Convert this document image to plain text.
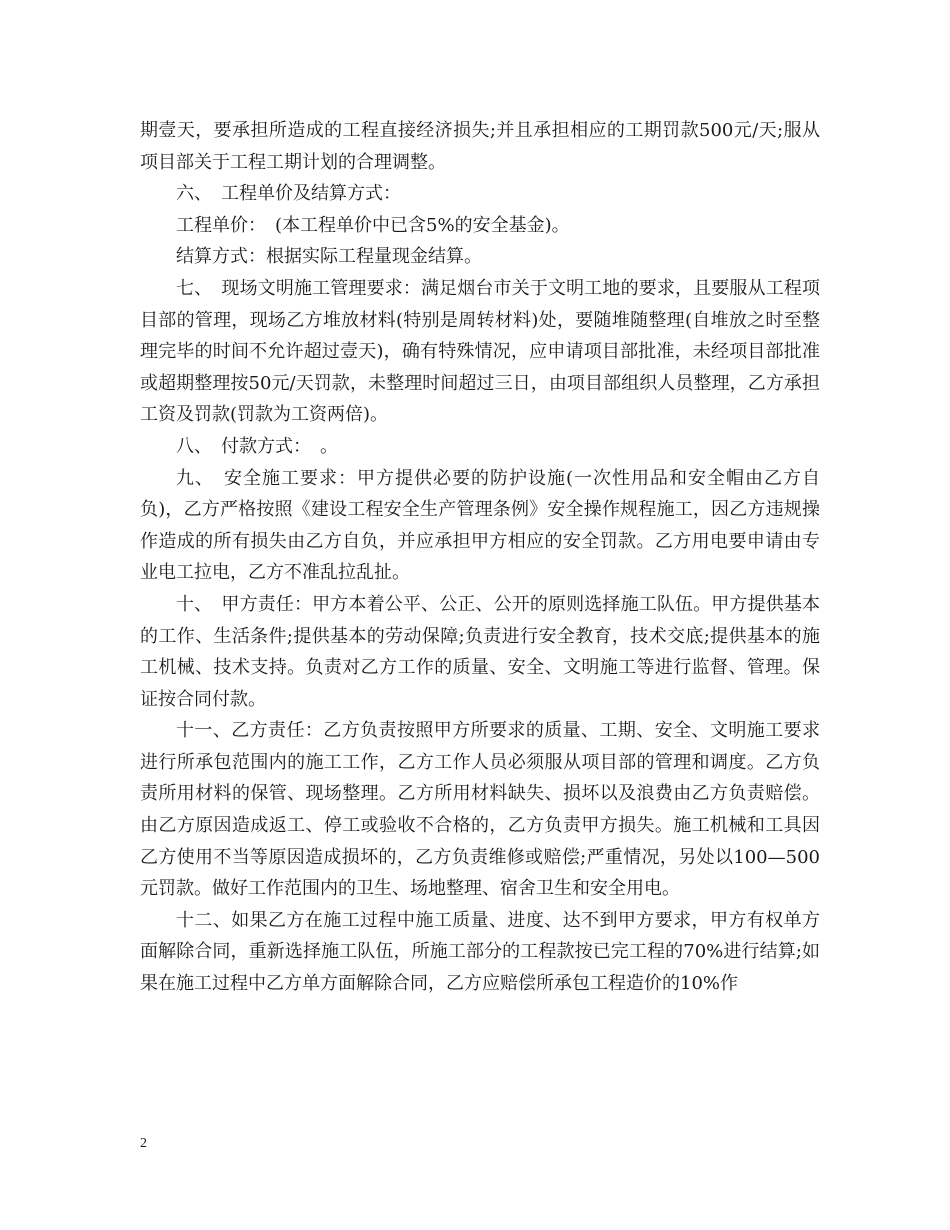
期壹天，要承担所造成的工程直接经济损失;并且承担相应的工期罚款500元/天;服从项目部关于工程工期计划的合理调整。

六、　工程单价及结算方式：

工程单价：　(本工程单价中已含5%的安全基金)。

结算方式：根据实际工程量现金结算。

七、　现场文明施工管理要求：满足烟台市关于文明工地的要求，且要服从工程项目部的管理，现场乙方堆放材料(特别是周转材料)处，要随堆随整理(自堆放之时至整理完毕的时间不允许超过壹天)，确有特殊情况，应申请项目部批准，未经项目部批准或超期整理按50元/天罚款，未整理时间超过三日，由项目部组织人员整理，乙方承担工资及罚款(罚款为工资两倍)。

八、　付款方式：　。

九、　安全施工要求：甲方提供必要的防护设施(一次性用品和安全帽由乙方自负)，乙方严格按照《建设工程安全生产管理条例》安全操作规程施工，因乙方违规操作造成的所有损失由乙方自负，并应承担甲方相应的安全罚款。乙方用电要申请由专业电工拉电，乙方不准乱拉乱扯。

十、　甲方责任：甲方本着公平、公正、公开的原则选择施工队伍。甲方提供基本的工作、生活条件;提供基本的劳动保障;负责进行安全教育，技术交底;提供基本的施工机械、技术支持。负责对乙方工作的质量、安全、文明施工等进行监督、管理。保证按合同付款。

十一、乙方责任：乙方负责按照甲方所要求的质量、工期、安全、文明施工要求进行所承包范围内的施工工作，乙方工作人员必须服从项目部的管理和调度。乙方负责所用材料的保管、现场整理。乙方所用材料缺失、损坏以及浪费由乙方负责赔偿。由乙方原因造成返工、停工或验收不合格的，乙方负责甲方损失。施工机械和工具因乙方使用不当等原因造成损坏的，乙方负责维修或赔偿;严重情况，另处以100—500元罚款。做好工作范围内的卫生、场地整理、宿舍卫生和安全用电。

十二、如果乙方在施工过程中施工质量、进度、达不到甲方要求，甲方有权单方面解除合同，重新选择施工队伍，所施工部分的工程款按已完工程的70%进行结算;如果在施工过程中乙方单方面解除合同，乙方应赔偿所承包工程造价的10%作

2
